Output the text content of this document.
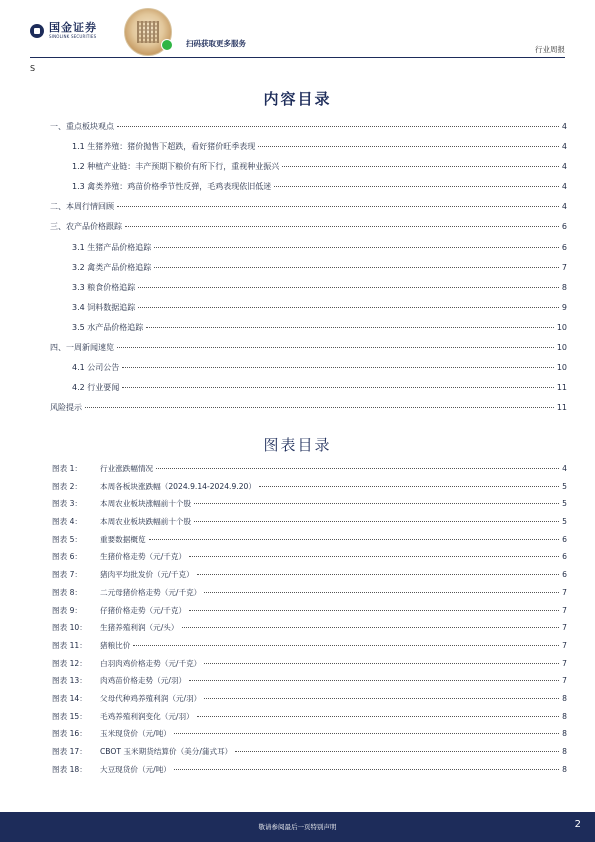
国金证券
SINOLINK SECURITIES
扫码获取更多服务
行业周报
S
内容目录
一、重点板块观点	4
1.1 生猪养殖：猪价抛售下超跌，看好猪价旺季表现	4
1.2 种植产业链：丰产预期下粮价有所下行，重视种业振兴	4
1.3 禽类养殖：鸡苗价格季节性反弹，毛鸡表现依旧低迷	4
二、本周行情回顾	4
三、农产品价格跟踪	6
3.1 生猪产品价格追踪	6
3.2 禽类产品价格追踪	7
3.3 粮食价格追踪	8
3.4 饲料数据追踪	9
3.5 水产品价格追踪	10
四、一周新闻速览	10
4.1 公司公告	10
4.2 行业要闻	11
风险提示	11
图表目录
图表 1：	行业涨跌幅情况	4
图表 2：	本周各板块涨跌幅（2024.9.14-2024.9.20）	5
图表 3：	本周农业板块涨幅前十个股	5
图表 4：	本周农业板块跌幅前十个股	5
图表 5：	重要数据概览	6
图表 6：	生猪价格走势（元/千克）	6
图表 7：	猪肉平均批发价（元/千克）	6
图表 8：	二元母猪价格走势（元/千克）	7
图表 9：	仔猪价格走势（元/千克）	7
图表 10：	生猪养殖利润（元/头）	7
图表 11：	猪粮比价	7
图表 12：	白羽肉鸡价格走势（元/千克）	7
图表 13：	肉鸡苗价格走势（元/羽）	7
图表 14：	父母代种鸡养殖利润（元/羽）	8
图表 15：	毛鸡养殖利润变化（元/羽）	8
图表 16：	玉米现货价（元/吨）	8
图表 17：	CBOT 玉米期货结算价（美分/蒲式耳）	8
图表 18：	大豆现货价（元/吨）	8
敬请参阅最后一页特别声明	2
